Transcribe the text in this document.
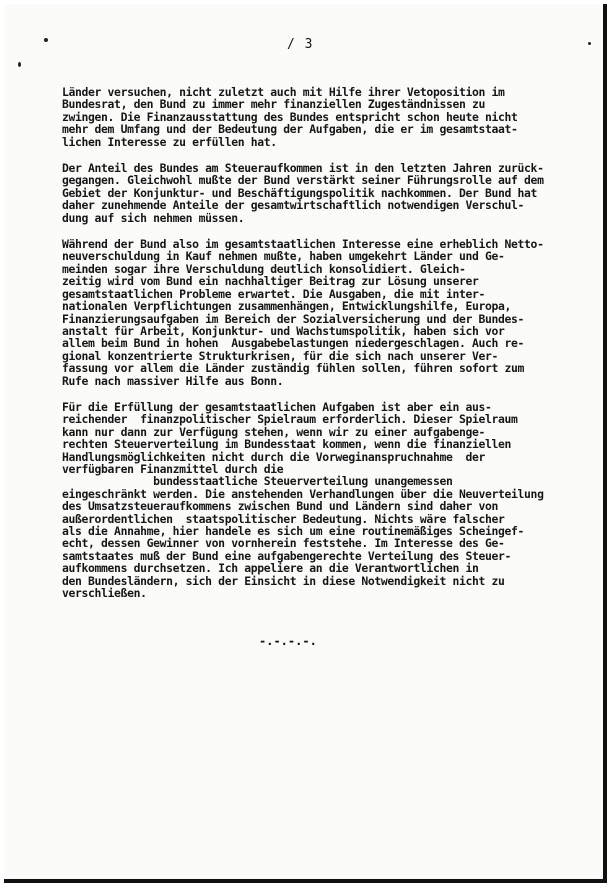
/ 3
Länder versuchen, nicht zuletzt auch mit Hilfe ihrer Vetoposition im
Bundesrat, den Bund zu immer mehr finanziellen Zugeständnissen zu
zwingen. Die Finanzausstattung des Bundes entspricht schon heute nicht
mehr dem Umfang und der Bedeutung der Aufgaben, die er im gesamtstaat-
lichen Interesse zu erfüllen hat.
Der Anteil des Bundes am Steueraufkommen ist in den letzten Jahren zurück-
gegangen. Gleichwohl mußte der Bund verstärkt seiner Führungsrolle auf dem
Gebiet der Konjunktur- und Beschäftigungspolitik nachkommen. Der Bund hat
daher zunehmende Anteile der gesamtwirtschaftlich notwendigen Verschul-
dung auf sich nehmen müssen.
Während der Bund also im gesamtstaatlichen Interesse eine erheblich Netto-
neuverschuldung in Kauf nehmen mußte, haben umgekehrt Länder und Ge-
meinden sogar ihre Verschuldung deutlich konsolidiert. Gleich-
zeitig wird vom Bund ein nachhaltiger Beitrag zur Lösung unserer
gesamtstaatlichen Probleme erwartet. Die Ausgaben, die mit inter-
nationalen Verpflichtungen zusammenhängen, Entwicklungshilfe, Europa,
Finanzierungsaufgaben im Bereich der Sozialversicherung und der Bundes-
anstalt für Arbeit, Konjunktur- und Wachstumspolitik, haben sich vor
allem beim Bund in hohen  Ausgabebelastungen niedergeschlagen. Auch re-
gional konzentrierte Strukturkrisen, für die sich nach unserer Ver-
fassung vor allem die Länder zuständig fühlen sollen, führen sofort zum
Rufe nach massiver Hilfe aus Bonn.
Für die Erfüllung der gesamtstaatlichen Aufgaben ist aber ein aus-
reichender  finanzpolitischer Spielraum erforderlich. Dieser Spielraum
kann nur dann zur Verfügung stehen, wenn wir zu einer aufgabenge-
rechten Steuerverteilung im Bundesstaat kommen, wenn die finanziellen
Handlungsmöglichkeiten nicht durch die Vorweginanspruchnahme  der
verfügbaren Finanzmittel durch die
bundesstaatliche Steuerverteilung unangemessen
eingeschränkt werden. Die anstehenden Verhandlungen über die Neuverteilung
des Umsatzsteueraufkommens zwischen Bund und Ländern sind daher von
außerordentlichen  staatspolitischer Bedeutung. Nichts wäre falscher
als die Annahme, hier handele es sich um eine routinemäßiges Scheingef-
echt, dessen Gewinner von vornherein feststehe. Im Interesse des Ge-
samtstaates muß der Bund eine aufgabengerechte Verteilung des Steuer-
aufkommens durchsetzen. Ich appeliere an die Verantwortlichen in
den Bundesländern, sich der Einsicht in diese Notwendigkeit nicht zu
verschließen.
-.-.-.-.
